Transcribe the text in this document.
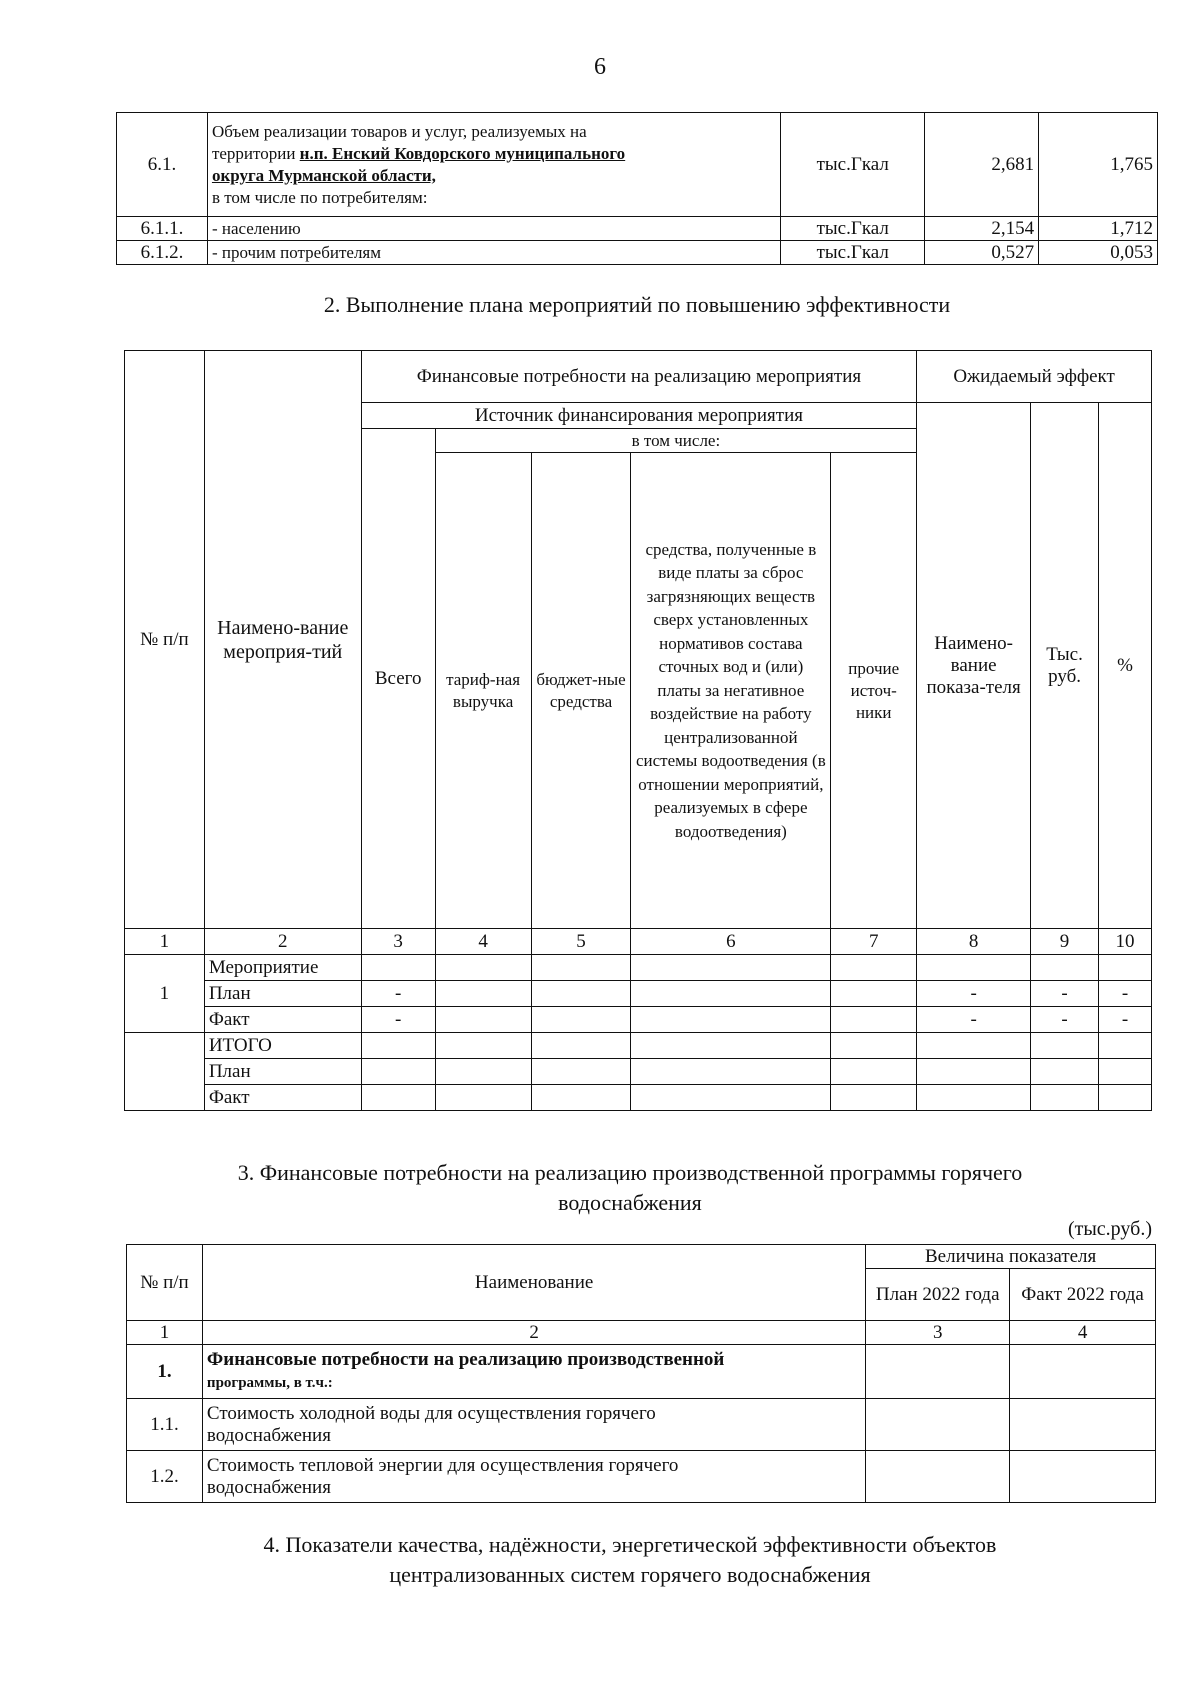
6
6.1.	Объем реализации товаров и услуг, реализуемых на
территории н.п. Енский Ковдорского муниципального
округа Мурманской области,
в том числе по потребителям:	тыс.Гкал	2,681	1,765
6.1.1.	- населению	тыс.Гкал	2,154	1,712
6.1.2.	- прочим потребителям	тыс.Гкал	0,527	0,053
2. Выполнение плана мероприятий по повышению эффективности
№ п/п	Наимено-вание мероприя-тий	Финансовые потребности на реализацию мероприятия					Ожидаемый эффект		
		Источник финансирования мероприятия					Наимено-вание показа-теля	Тыс. руб.	%
		Всего	в том числе:						
			тариф-ная выручка	бюджет-ные средства	средства, полученные в виде платы за сброс загрязняющих веществ сверх установленных нормативов состава сточных вод и (или) платы за негативное воздействие на работу централизованной системы водоотведения (в отношении мероприятий, реализуемых в сфере водоотведения)	прочие источ-ники			

1	2	3	4	5	6	7	8	9	10
1	Мероприятие								
	План	-					-	-	-
	Факт	-					-	-	-
	ИТОГО								
	План								
	Факт								
3. Финансовые потребности на реализацию производственной программы горячего
водоснабжения
(тыс.руб.)
№ п/п	Наименование	Величина показателя	
		План 2022 года	Факт 2022 года
1	2	3	4
1.	Финансовые потребности на реализацию производственной
программы, в т.ч.:		
1.1.	Стоимость холодной воды для осуществления горячего водоснабжения		
1.2.	Стоимость тепловой энергии для осуществления горячего водоснабжения		
4. Показатели качества, надёжности, энергетической эффективности объектов
централизованных систем горячего водоснабжения
